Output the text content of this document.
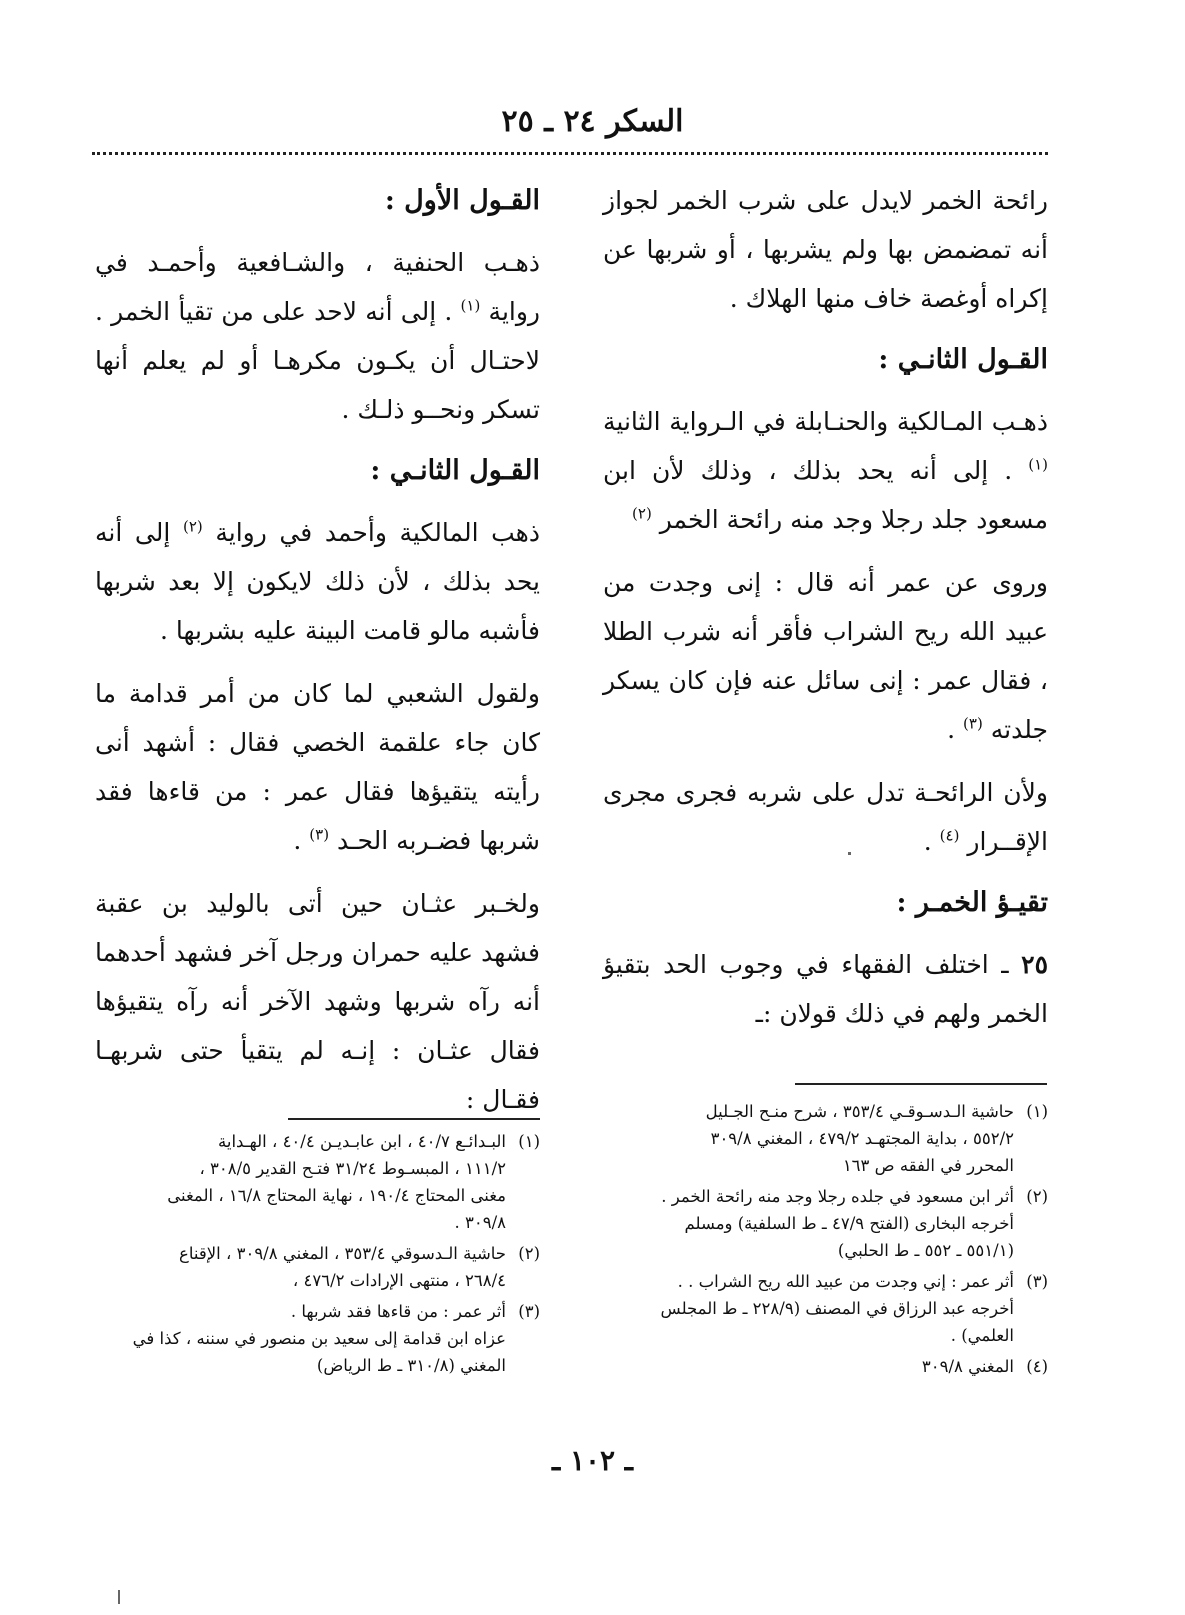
السكر ٢٤ ـ ٢٥

رائحة الخمر لايدل على شرب الخمر لجواز أنه تمضمض بها ولم يشربها ، أو شربها عن إكراه أوغصة خاف منها الهلاك .

القـول الثانـي :

ذهـب المـالكية والحنـابلة في الـرواية الثانية $^{(١)}$ . إلى أنه يحد بذلك ، وذلك لأن ابن مسعود جلد رجلا وجد منه رائحة الخمر $^{(٢)}$

وروى عن عمر أنه قال : إنى وجدت من عبيد الله ريح الشراب فأقر أنه شرب الطلا ، فقال عمر : إنى سائل عنه فإن كان يسكر جلدته $^{(٣)}$ .

ولأن الرائحـة تدل على شربه فجرى مجرى الإقــرار $^{(٤)}$ .

تقيـؤ الخمـر :

٢٥ ـ اختلف الفقهاء في وجوب الحد بتقيؤ الخمر ولهم في ذلك قولان :ـ

القـول الأول :

ذهـب الحنفية ، والشـافعية وأحمـد في رواية $^{(١)}$ . إلى أنه لاحد على من تقيأ الخمر . لاحتـال أن يكـون مكرهـا أو لم يعلم أنها تسكر ونحــو ذلـك .

القـول الثانـي :

ذهب المالكية وأحمد في رواية $^{(٢)}$ إلى أنه يحد بذلك ، لأن ذلك لايكون إلا بعد شربها فأشبه مالو قامت البينة عليه بشربها .

ولقول الشعبي لما كان من أمر قدامة ما كان جاء علقمة الخصي فقال : أشهد أنى رأيته يتقيؤها فقال عمر : من قاءها فقد شربها فضـربه الحـد $^{(٣)}$ .

ولخـبر عثـان حين أتى بالوليد بن عقبة فشهد عليه حمران ورجل آخر فشهد أحدهما أنه رآه شربها وشهد الآخر أنه رآه يتقيؤها فقال عثـان : إنـه لم يتقيأ حتى شربهـا فقـال :	(١)
حاشية الـدسـوقـي ٣٥٣/٤ ، شرح منـح الجـليل
٥٥٢/٢ ، بداية المجتهـد ٤٧٩/٢ ، المغني ٣٠٩/٨
المحرر في الفقه ص ١٦٣
(٢)
أثر ابن مسعود في جلده رجلا وجد منه رائحة الخمر .
أخرجه البخارى (الفتح ٤٧/٩ ـ ط السلفية) ومسلم
(٥٥١/١ ـ ٥٥٢ ـ ط الحلبي)
(٣)
أثر عمر : إني وجدت من عبيد الله ريح الشراب . .
أخرجه عبد الرزاق في المصنف (٢٢٨/٩ ـ ط المجلس
العلمي) .
(٤)
المغني ٣٠٩/٨
(١)
البـدائـع ٤٠/٧ ، ابن عابـديـن ٤٠/٤ ، الهـداية
١١١/٢ ، المبسـوط ٣١/٢٤ فتـح القدير ٣٠٨/٥ ،
مغنى المحتاج ١٩٠/٤ ، نهاية المحتاج ١٦/٨ ، المغنى
٣٠٩/٨ .
(٢)
حاشية الـدسوقي ٣٥٣/٤ ، المغني ٣٠٩/٨ ، الإقناع
٢٦٨/٤ ، منتهى الإرادات ٤٧٦/٢ ،
(٣)
أثر عمر : من قاءها فقد شربها .
عزاه ابن قدامة إلى سعيد بن منصور في سننه ، كذا في
المغني (٣١٠/٨ ـ ط الرياض)
ـ ١٠٢ ـ
